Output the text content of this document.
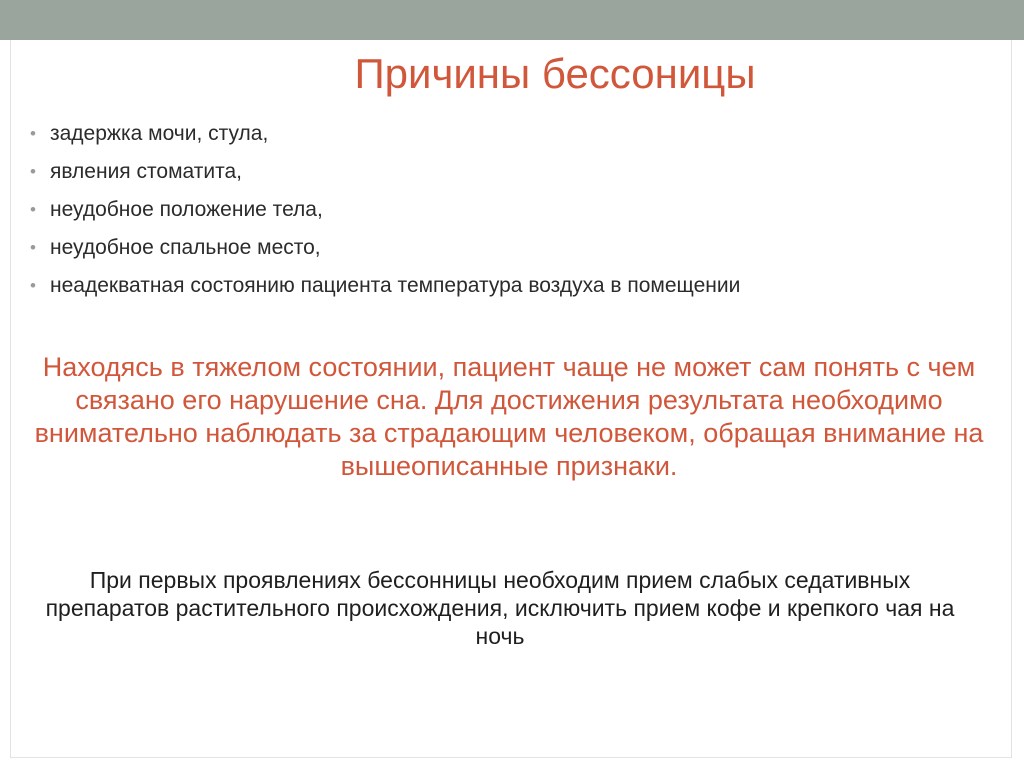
Причины бессоницы
• задержка мочи, стула,
• явления стоматита,
• неудобное положение тела,
• неудобное спальное место,
• неадекватная состоянию пациента температура воздуха в помещении
Находясь в тяжелом состоянии, пациент чаще не может сам понять с чем связано его нарушение сна. Для достижения результата необходимо внимательно наблюдать за страдающим человеком, обращая внимание на вышеописанные признаки.
При первых проявлениях бессонницы необходим прием слабых седативных препаратов растительного происхождения, исключить прием кофе и крепкого чая на ночь
